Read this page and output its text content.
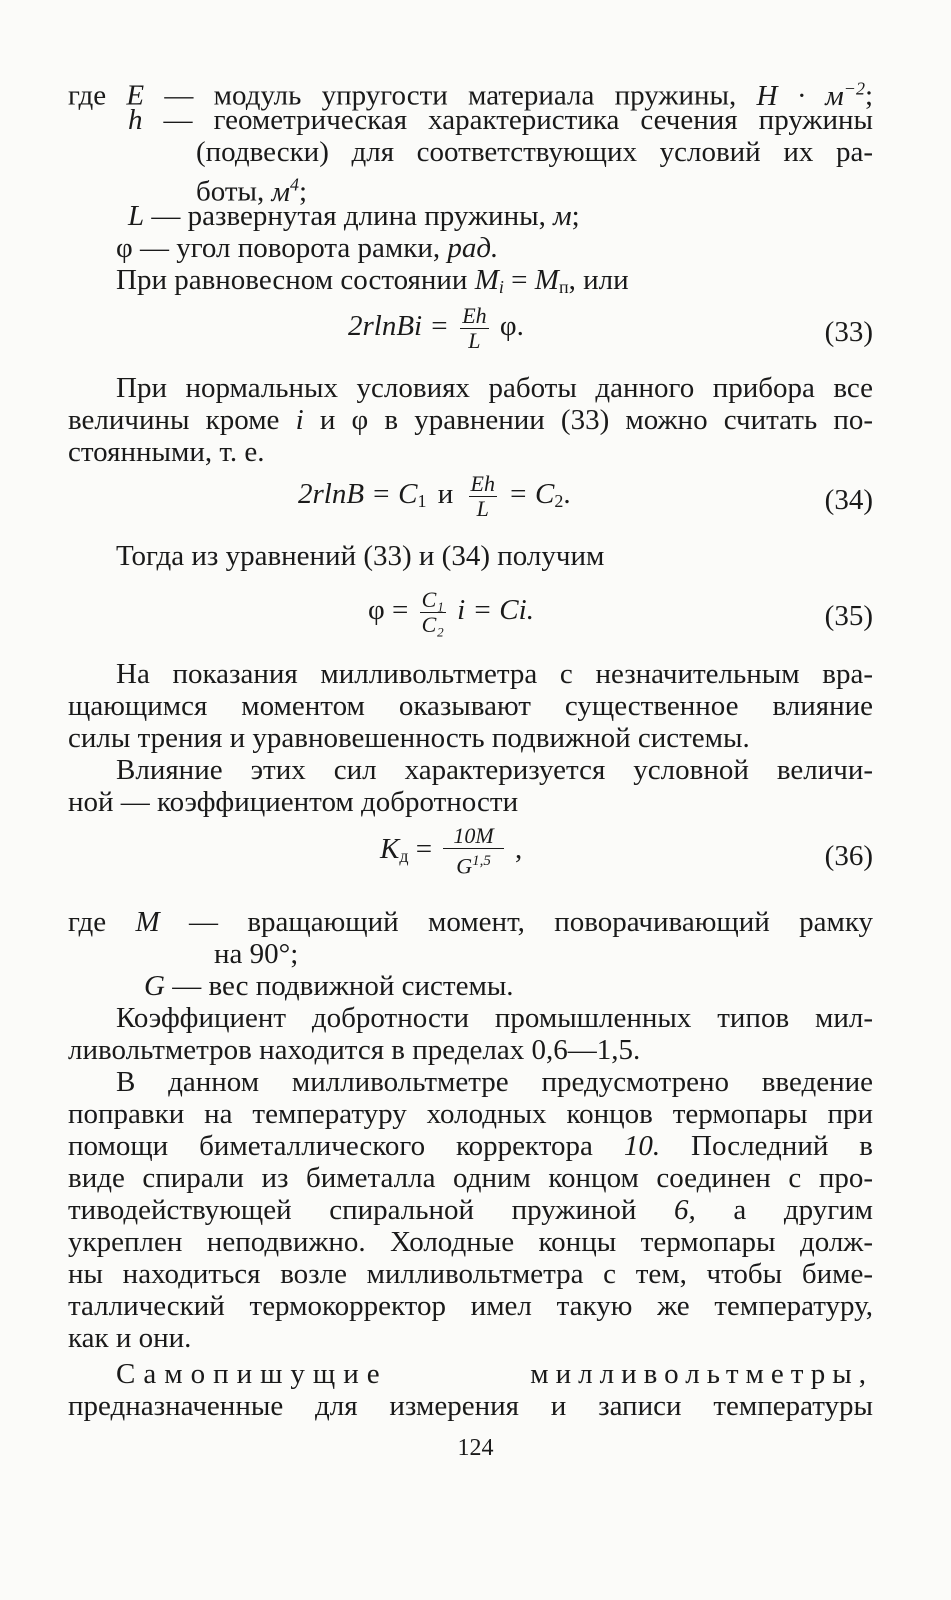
где E — модуль упругости материала пружины, $H \cdot м^{-2}$;
h — геометрическая характеристика сечения пружины
(подвески) для соответствующих условий их ра-
боты, $м^4$;
L — развернутая длина пружины, м;
φ — угол поворота рамки, рад.
При равновесном состоянии $M_i = M_п$, или
2rlnBi = $\frac{Eh}{L} \varphi$.	(33)
При нормальных условиях работы данного прибора все
величины кроме i и φ в уравнении (33) можно считать по-
стоянными, т. е.
$2rlnB = C_1$ и $\frac{Eh}{L} = C_2$.	(34)
Тогда из уравнений (33) и (34) получим
$\varphi = \frac{\text{C₁}}{\text{C₂}}$ i = Ci.	(35)
На показания милливольтметра с незначительным вра-
щающимся моментом оказывают существенное влияние
силы трения и уравновешенность подвижной системы.
Влияние этих сил характеризуется условной величи-
ной — коэффициентом добротности
$K_д = \frac{10M}{G^{1,5}}$ ,	(36)
где M — вращающий момент, поворачивающий рамку
на 90°;
G — вес подвижной системы.
Коэффициент добротности промышленных типов мил-
ливольтметров находится в пределах 0,6—1,5.
В данном милливольтметре предусмотрено введение
поправки на температуру холодных концов термопары при
помощи биметаллического корректора 10. Последний в
виде спирали из биметалла одним концом соединен с про-
тиводействующей спиральной пружиной 6, а другим
укреплен неподвижно. Холодные концы термопары долж-
ны находиться возле милливольтметра с тем, чтобы биме-
таллический термокорректор имел такую же температуру,
как и они.
Самопишущие	милливольтметры,
предназначенные для измерения и записи температуры
124
